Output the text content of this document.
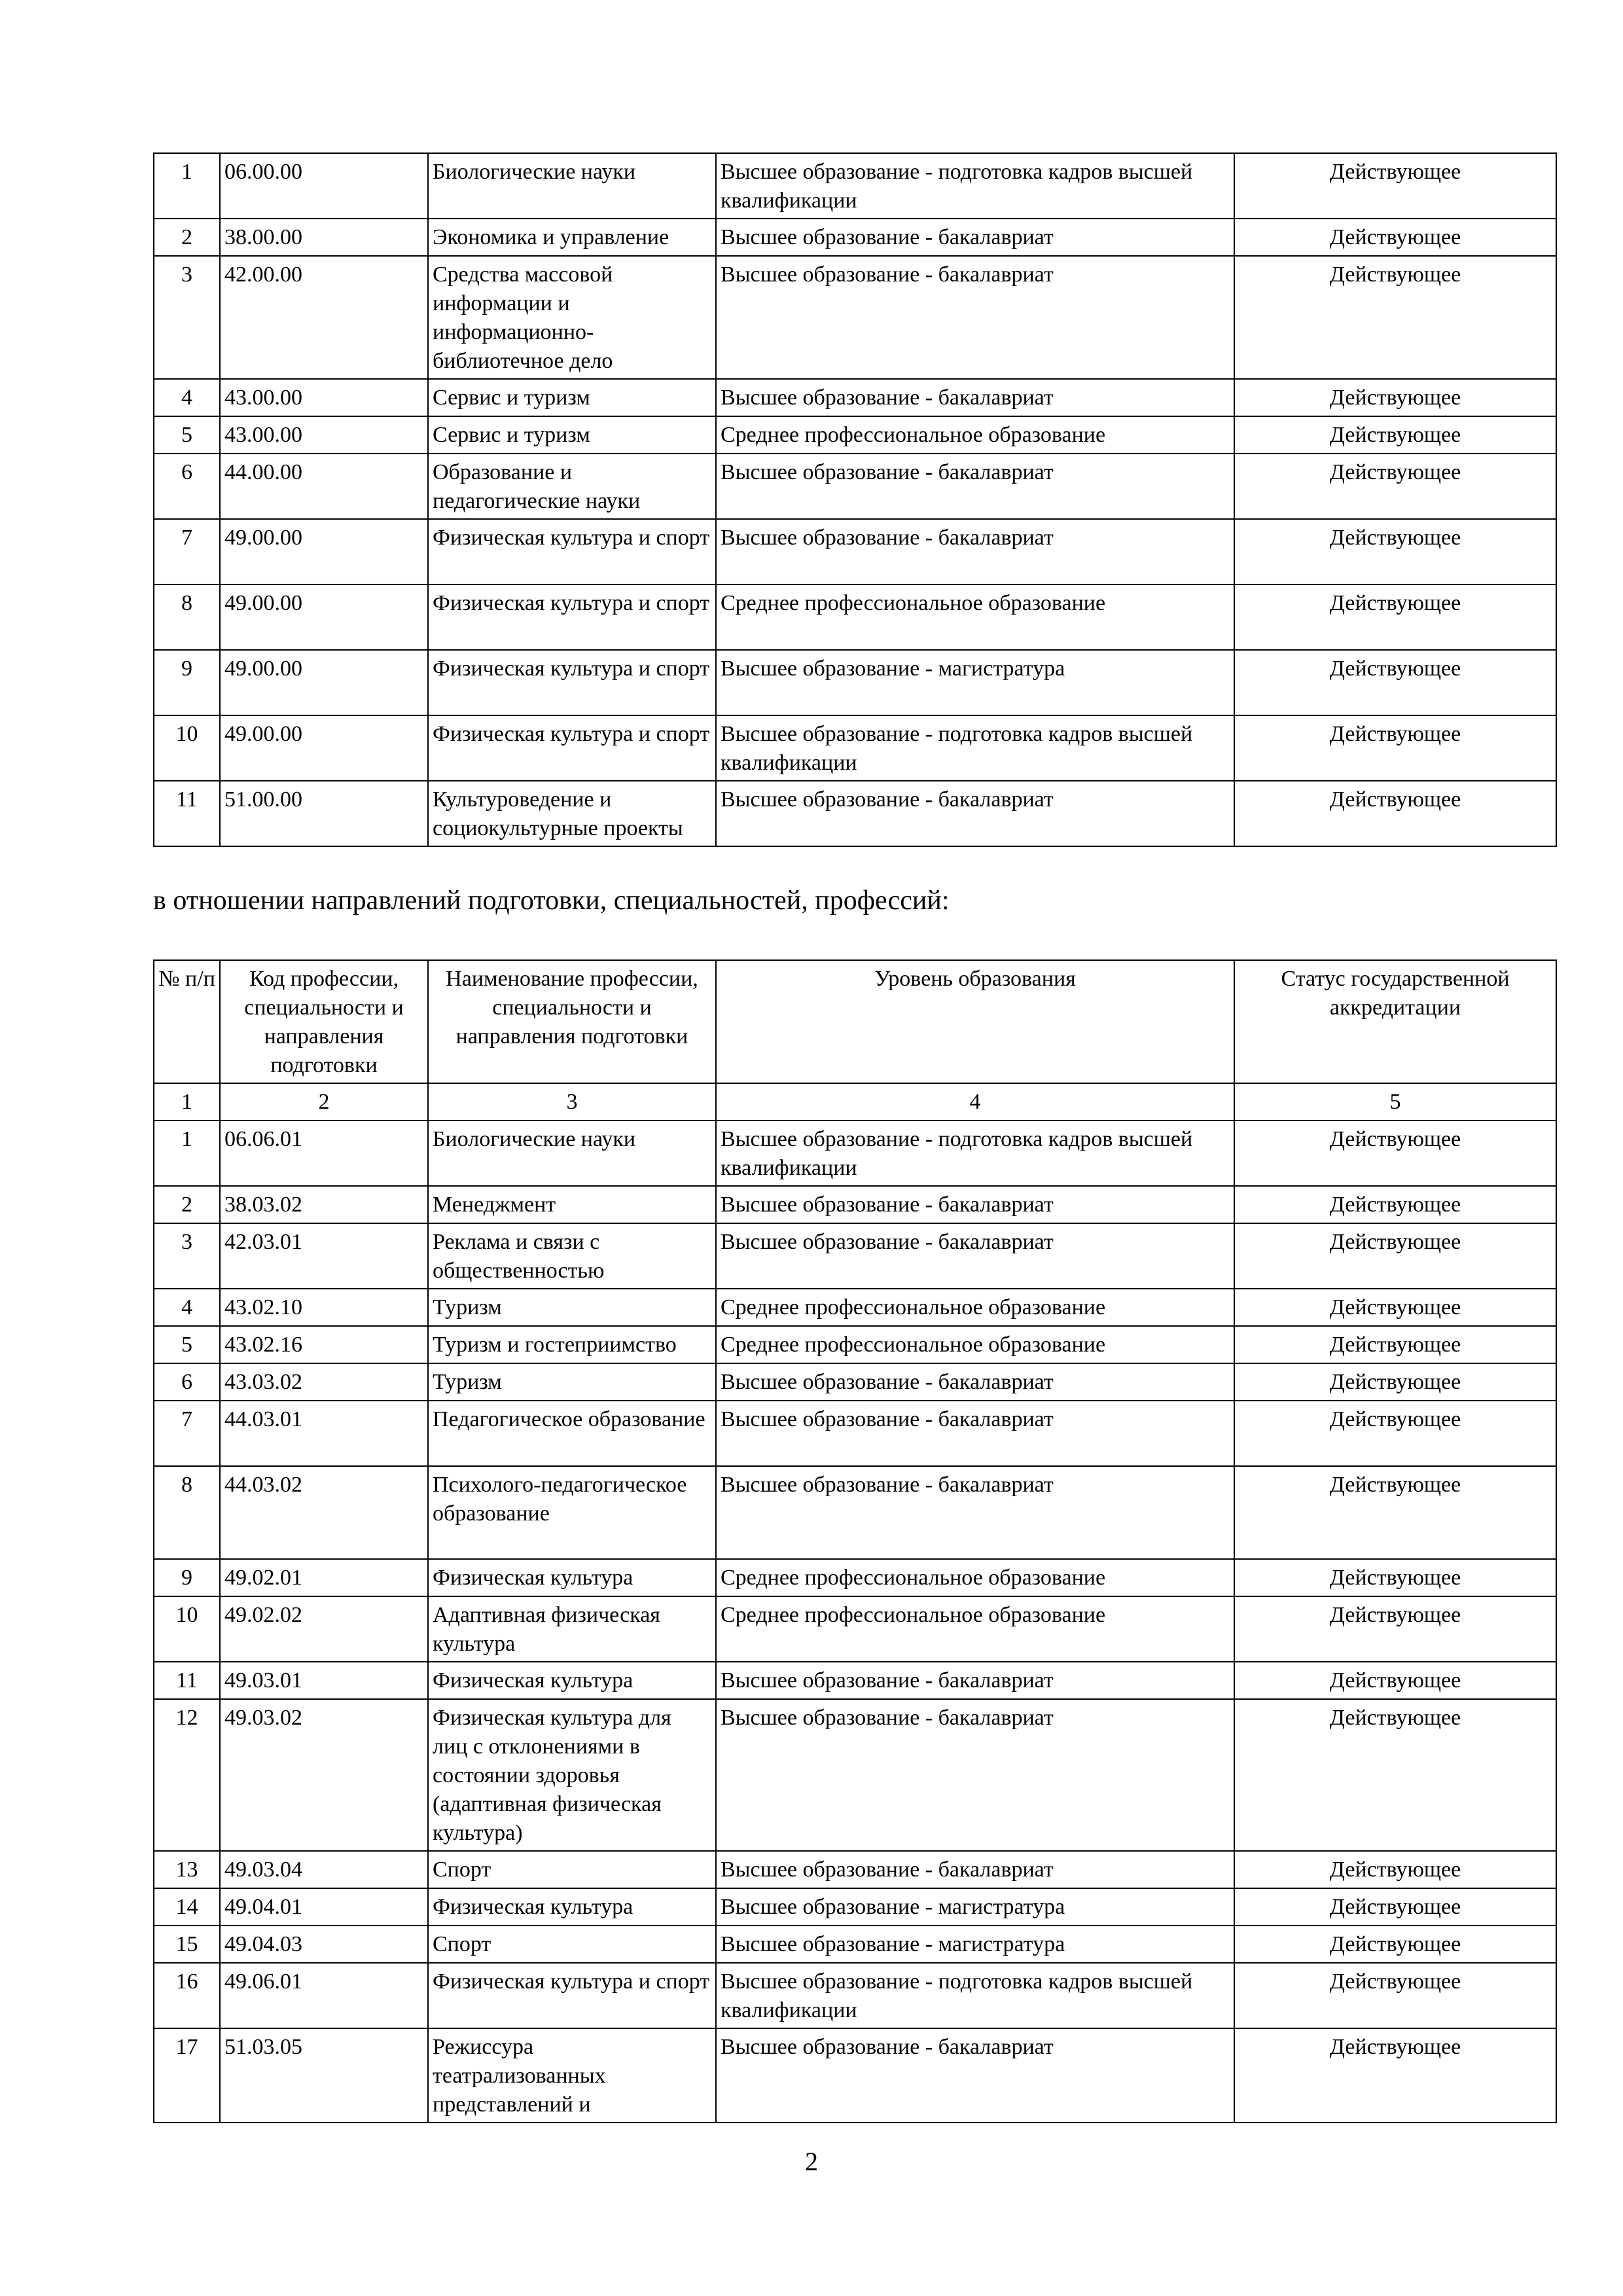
1	06.00.00	Биологические науки	Высшее образование - подготовка кадров высшей квалификации	Действующее
2	38.00.00	Экономика и управление	Высшее образование - бакалавриат	Действующее
3	42.00.00	Средства массовой информации и информационно-библиотечное дело	Высшее образование - бакалавриат	Действующее
4	43.00.00	Сервис и туризм	Высшее образование - бакалавриат	Действующее
5	43.00.00	Сервис и туризм	Среднее профессиональное образование	Действующее
6	44.00.00	Образование и педагогические науки	Высшее образование - бакалавриат	Действующее
7	49.00.00	Физическая культура и спорт	Высшее образование - бакалавриат	Действующее
8	49.00.00	Физическая культура и спорт	Среднее профессиональное образование	Действующее
9	49.00.00	Физическая культура и спорт	Высшее образование - магистратура	Действующее
10	49.00.00	Физическая культура и спорт	Высшее образование - подготовка кадров высшей квалификации	Действующее
11	51.00.00	Культуроведение и социокультурные проекты	Высшее образование - бакалавриат	Действующее

в отношении направлений подготовки, специальностей, профессий:

№ п/п	Код профессии, специальности и направления подготовки	Наименование профессии, специальности и направления подготовки	Уровень образования	Статус государственной аккредитации
1	2	3	4	5
1	06.06.01	Биологические науки	Высшее образование - подготовка кадров высшей квалификации	Действующее
2	38.03.02	Менеджмент	Высшее образование - бакалавриат	Действующее
3	42.03.01	Реклама и связи с общественностью	Высшее образование - бакалавриат	Действующее
4	43.02.10	Туризм	Среднее профессиональное образование	Действующее
5	43.02.16	Туризм и гостеприимство	Среднее профессиональное образование	Действующее
6	43.03.02	Туризм	Высшее образование - бакалавриат	Действующее
7	44.03.01	Педагогическое образование	Высшее образование - бакалавриат	Действующее
8	44.03.02	Психолого-педагогическое образование	Высшее образование - бакалавриат	Действующее
9	49.02.01	Физическая культура	Среднее профессиональное образование	Действующее
10	49.02.02	Адаптивная физическая культура	Среднее профессиональное образование	Действующее
11	49.03.01	Физическая культура	Высшее образование - бакалавриат	Действующее
12	49.03.02	Физическая культура для лиц с отклонениями в состоянии здоровья (адаптивная физическая культура)	Высшее образование - бакалавриат	Действующее
13	49.03.04	Спорт	Высшее образование - бакалавриат	Действующее
14	49.04.01	Физическая культура	Высшее образование - магистратура	Действующее
15	49.04.03	Спорт	Высшее образование - магистратура	Действующее
16	49.06.01	Физическая культура и спорт	Высшее образование - подготовка кадров высшей квалификации	Действующее
17	51.03.05	Режиссура театрализованных представлений и	Высшее образование - бакалавриат	Действующее
2
